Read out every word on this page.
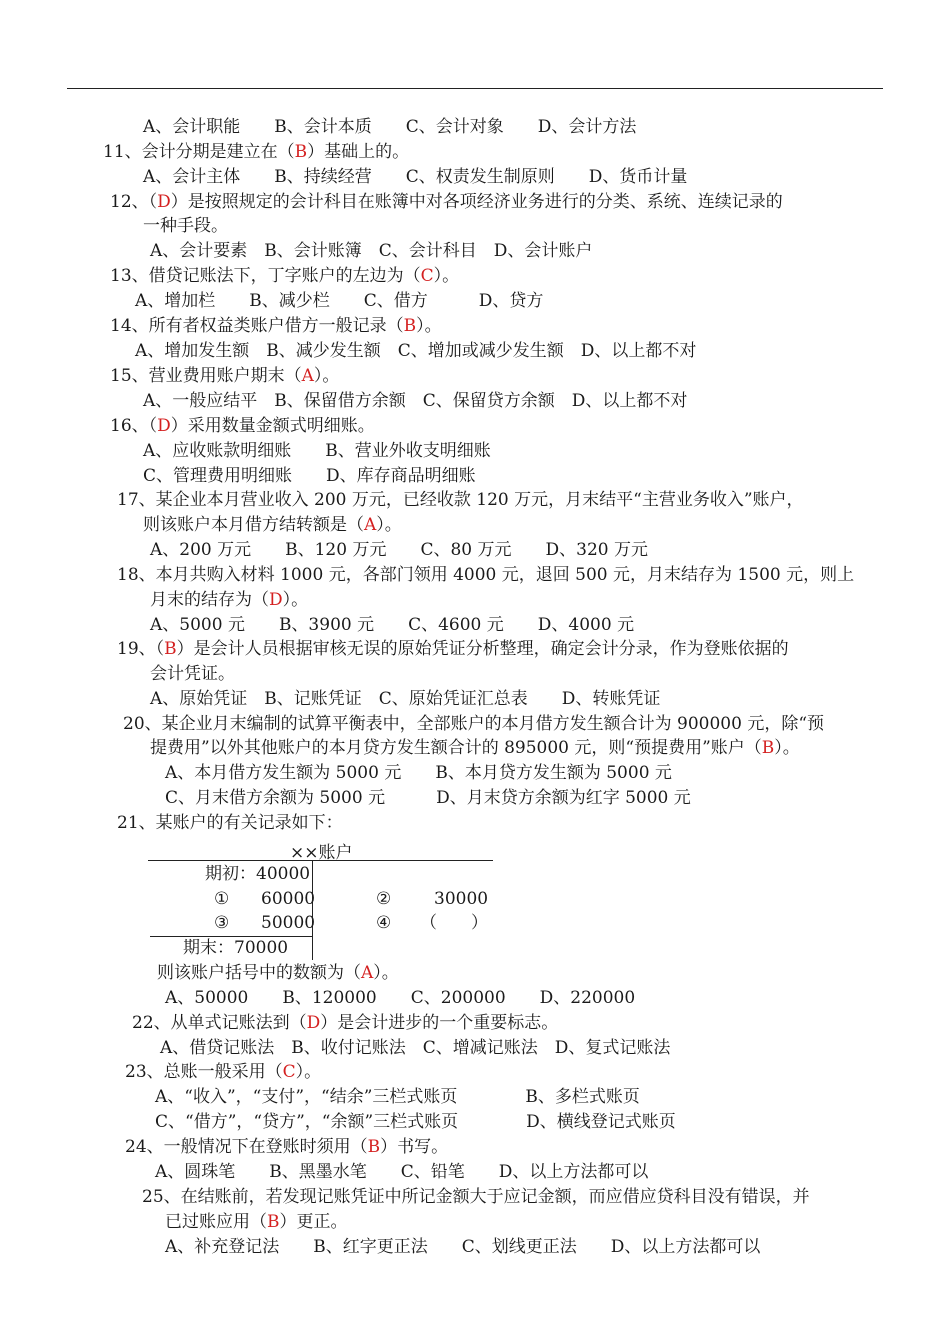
A、会计职能　　B、会计本质　　C、会计对象　　D、会计方法
11、会计分期是建立在（B）基础上的。
A、会计主体　　B、持续经营　　C、权责发生制原则　　D、货币计量
12、（D）是按照规定的会计科目在账簿中对各项经济业务进行的分类、系统、连续记录的
一种手段。
A、会计要素　B、会计账簿　C、会计科目　D、会计账户
13、借贷记账法下，丁字账户的左边为（C）。
A、增加栏　　B、减少栏　　C、借方　　　D、贷方
14、所有者权益类账户借方一般记录（B）。
A、增加发生额　B、减少发生额　C、增加或减少发生额　D、以上都不对
15、营业费用账户期末（A）。
A、一般应结平　B、保留借方余额　C、保留贷方余额　D、以上都不对
16、（D）采用数量金额式明细账。
A、应收账款明细账　　B、营业外收支明细账
C、管理费用明细账　　D、库存商品明细账
17、某企业本月营业收入 200 万元，已经收款 120 万元，月末结平“主营业务收入”账户，
则该账户本月借方结转额是（A）。
A、200 万元　　B、120 万元　　C、80 万元　　D、320 万元
18、本月共购入材料 1000 元，各部门领用 4000 元，退回 500 元，月末结存为 1500 元，则上
月末的结存为（D）。
A、5000 元　　B、3900 元　　C、4600 元　　D、4000 元
19、（B）是会计人员根据审核无误的原始凭证分析整理，确定会计分录，作为登账依据的
会计凭证。
A、原始凭证　B、记账凭证　C、原始凭证汇总表　　D、转账凭证
20、某企业月末编制的试算平衡表中，全部账户的本月借方发生额合计为 900000 元，除“预
提费用”以外其他账户的本月贷方发生额合计的 895000 元，则“预提费用”账户（B）。
A、本月借方发生额为 5000 元　　B、本月贷方发生额为 5000 元
C、月末借方余额为 5000 元　　　D、月末贷方余额为红字 5000 元
21、某账户的有关记录如下：
则该账户括号中的数额为（A）。
A、50000　　B、120000　　C、200000　　D、220000
22、从单式记账法到（D）是会计进步的一个重要标志。
A、借贷记账法　B、收付记账法　C、增减记账法　D、复式记账法
23、总账一般采用（C）。
A、“收入”，“支付”，“结余”三栏式账页　　　　B、多栏式账页
C、“借方”，“贷方”，“余额”三栏式账页　　　　D、横线登记式账页
24、一般情况下在登账时须用（B）书写。
A、圆珠笔　　B、黑墨水笔　　C、铅笔　　D、以上方法都可以
25、在结账前，若发现记账凭证中所记金额大于应记金额，而应借应贷科目没有错误，并
已过账应用（B）更正。
A、补充登记法　　B、红字更正法　　C、划线更正法　　D、以上方法都可以
××账户
期初：40000
① 60000
③ 50000
②	30000
④ （　　）
期末：70000
